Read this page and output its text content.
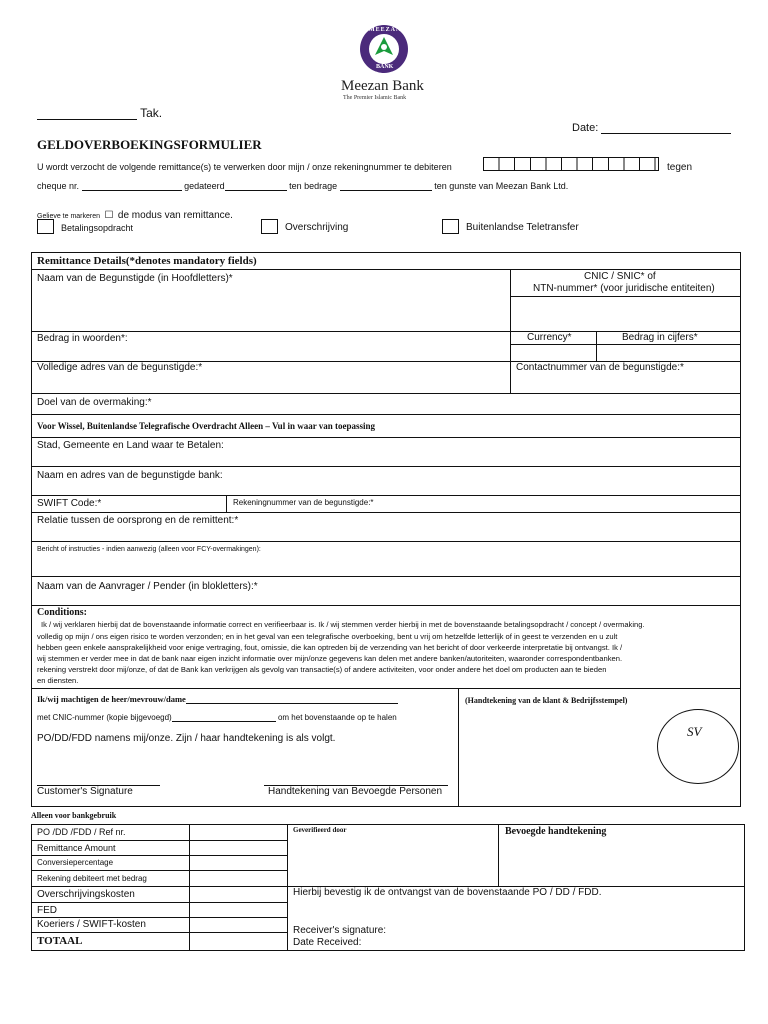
MEEZAN
BANK
Meezan Bank
The Premier Islamic Bank
Tak.
Date:
GELDOVERBOEKINGSFORMULIER
U wordt verzocht de volgende remittance(s) te verwerken door mijn / onze rekeningnummer te debiteren	tegen
cheque nr.	gedateerd	ten bedrage	ten gunste van Meezan Bank Ltd.
Gelieve te markeren ☐ de modus van remittance.
Betalingsopdracht	Overschrijving	Buitenlandse Teletransfer
Remittance Details(*denotes mandatory fields)
Naam van de Begunstigde (in Hoofdletters)*	CNIC / SNIC* of
NTN-nummer* (voor juridische entiteiten)
Bedrag in woorden*:	Currency*	Bedrag in cijfers*
Volledige adres van de begunstigde:*	Contactnummer van de begunstigde:*
Doel van de overmaking:*
Voor Wissel, Buitenlandse Telegrafische Overdracht Alleen – Vul in waar van toepassing
Stad, Gemeente en Land waar te Betalen:
Naam en adres van de begunstigde bank:
SWIFT Code:*	Rekeningnummer van de begunstigde:*
Relatie tussen de oorsprong en de remittent:*
Bericht of instructies - indien aanwezig (alleen voor FCY-overmakingen):
Naam van de Aanvrager / Pender (in blokletters):*
Conditions:
Ik / wij verklaren hierbij dat de bovenstaande informatie correct en verifieerbaar is. Ik / wij stemmen verder hierbij in met de bovenstaande betalingsopdracht / concept / overmaking.
volledig op mijn / ons eigen risico te worden verzonden; en in het geval van een telegrafische overboeking, bent u vrij om hetzelfde letterlijk of in geest te verzenden en u zult
hebben geen enkele aansprakelijkheid voor enige vertraging, fout, omissie, die kan optreden bij de verzending van het bericht of door verkeerde interpretatie bij ontvangst. Ik /
wij stemmen er verder mee in dat de bank naar eigen inzicht informatie over mijn/onze gegevens kan delen met andere banken/autoriteiten, waaronder correspondentbanken.
rekening verstrekt door mij/onze, of dat de Bank kan verkrijgen als gevolg van transactie(s) of andere activiteiten, voor onder andere het doel om producten aan te bieden
en diensten.
Ik/wij machtigen de heer/mevrouw/dame
met CNIC-nummer (kopie bijgevoegd)	om het bovenstaande op te halen
PO/DD/FDD namens mij/onze. Zijn / haar handtekening is als volgt.
Customer's Signature	Handtekening van Bevoegde Personen
(Handtekening van de klant & Bedrijfsstempel)
SV
Alleen voor bankgebruik
PO /DD /FDD / Ref nr.
Remittance Amount
Conversiepercentage
Rekening debiteert met bedrag
Overschrijvingskosten
FED
Koeriers / SWIFT-kosten
TOTAAL
Geverifieerd door	Bevoegde handtekening
Hierbij bevestig ik de ontvangst van de bovenstaande PO / DD / FDD.
Receiver's signature:
Date Received:
